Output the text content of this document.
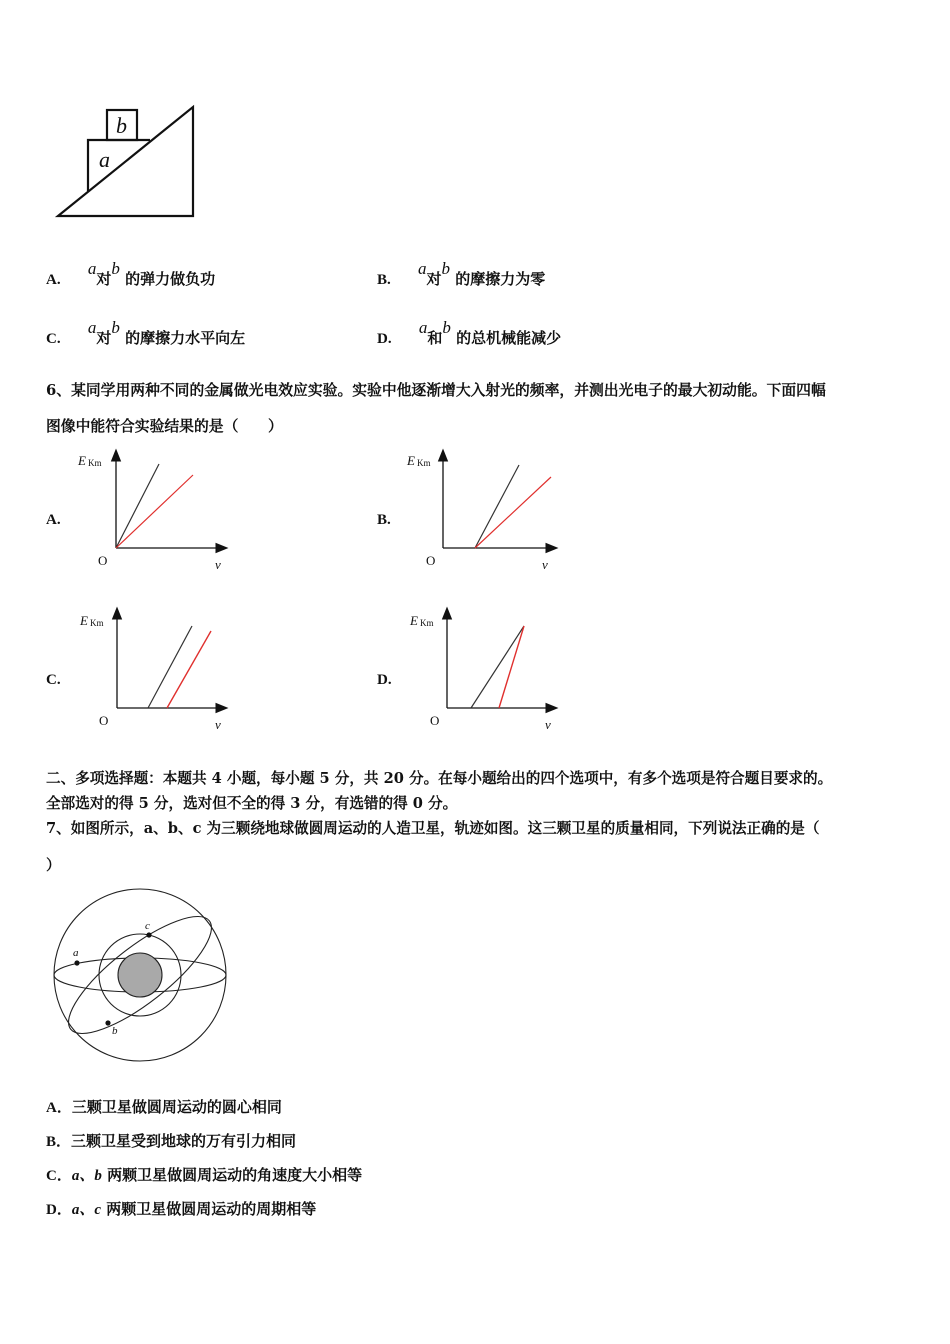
b
a
A. a对b 的弹力做负功	B. a对b 的摩擦力为零
C. a对b 的摩擦力水平向左	D. a和b 的总机械能减少
6、某同学用两种不同的金属做光电效应实验。实验中他逐渐增大入射光的频率，并测出光电子的最大初动能。下面四幅
图像中能符合实验结果的是（　　）
A.
E Km
O	ν
B.
E Km
O	ν
C.
E Km
O	ν
D.
E Km
O	ν
二、多项选择题：本题共 4 小题，每小题 5 分，共 20 分。在每小题给出的四个选项中，有多个选项是符合题目要求的。
全部选对的得 5 分，选对但不全的得 3 分，有选错的得 0 分。
7、如图所示，a、b、c 为三颗绕地球做圆周运动的人造卫星，轨迹如图。这三颗卫星的质量相同，下列说法正确的是（
）
a
c
b
A．三颗卫星做圆周运动的圆心相同
B．三颗卫星受到地球的万有引力相同
C．a、b 两颗卫星做圆周运动的角速度大小相等
D．a、c 两颗卫星做圆周运动的周期相等
